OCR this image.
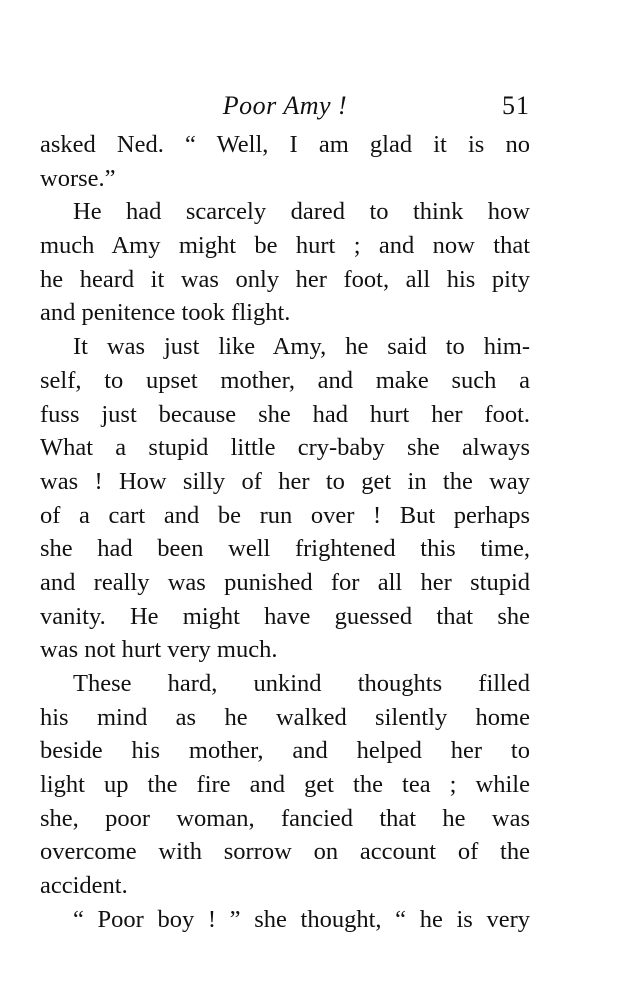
Poor Amy !	51
asked Ned. “ Well, I am glad it is no
worse.”
He had scarcely dared to think how
much Amy might be hurt ; and now that
he heard it was only her foot, all his pity
and penitence took flight.
It was just like Amy, he said to him-
self, to upset mother, and make such a
fuss just because she had hurt her foot.
What a stupid little cry-baby she always
was ! How silly of her to get in the way
of a cart and be run over ! But perhaps
she had been well frightened this time,
and really was punished for all her stupid
vanity. He might have guessed that she
was not hurt very much.
These hard, unkind thoughts filled
his mind as he walked silently home
beside his mother, and helped her to
light up the fire and get the tea ; while
she, poor woman, fancied that he was
overcome with sorrow on account of the
accident.
“ Poor boy ! ” she thought, “ he is very
